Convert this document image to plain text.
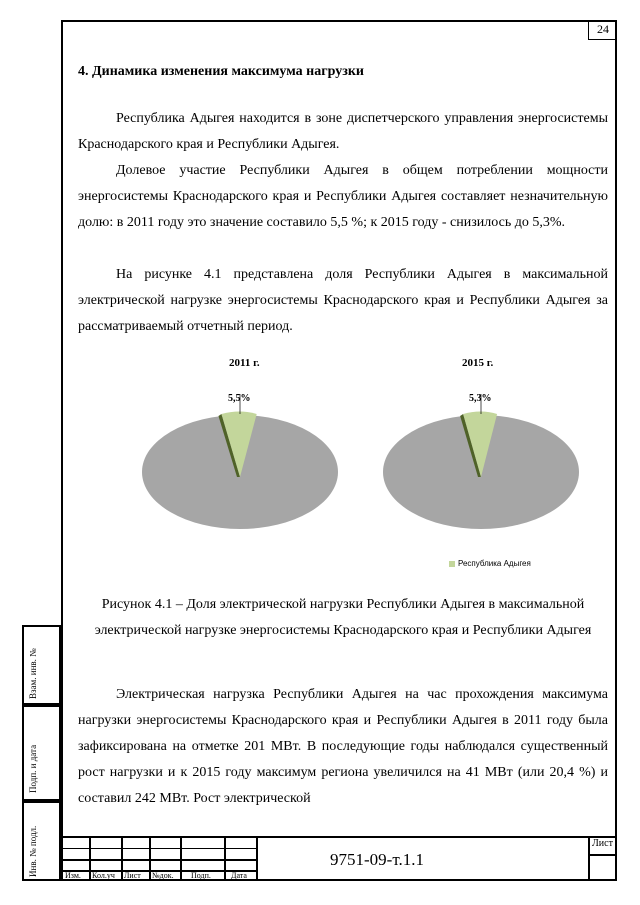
24
4. Динамика изменения максимума нагрузки

Республика Адыгея находится в зоне диспетчерского управления энергосистемы Краснодарского края и Республики Адыгея.

Долевое участие Республики Адыгея в общем потреблении мощности энергосистемы Краснодарского края и Республики Адыгея составляет незначительную долю: в 2011 году это значение составило 5,5 %; к 2015 году - снизилось до 5,3%.

На рисунке 4.1 представлена доля Республики Адыгея в максимальной электрической нагрузке энергосистемы Краснодарского края и Республики Адыгея за рассматриваемый отчетный период.

2011 г.	2015 г.
5,5%	5,3%
Республика Адыгея

Рисунок 4.1 – Доля электрической нагрузки Республики Адыгея в максимальной электрической нагрузке энергосистемы Краснодарского края и Республики Адыгея

Электрическая нагрузка Республики Адыгея на час прохождения максимума нагрузки энергосистемы Краснодарского края и Республики Адыгея в 2011 году была зафиксирована на отметке 201 МВт. В последующие годы наблюдался существенный рост нагрузки и к 2015 году максимум региона увеличился на 41 МВт (или 20,4 %) и составил 242 МВт. Рост электрической

Взам. инв. №
Подп. и дата
Инв. № подл.	Изм. Кол.уч Лист №док. Подп.	Дата
9751-09-т.1.1
Лист
